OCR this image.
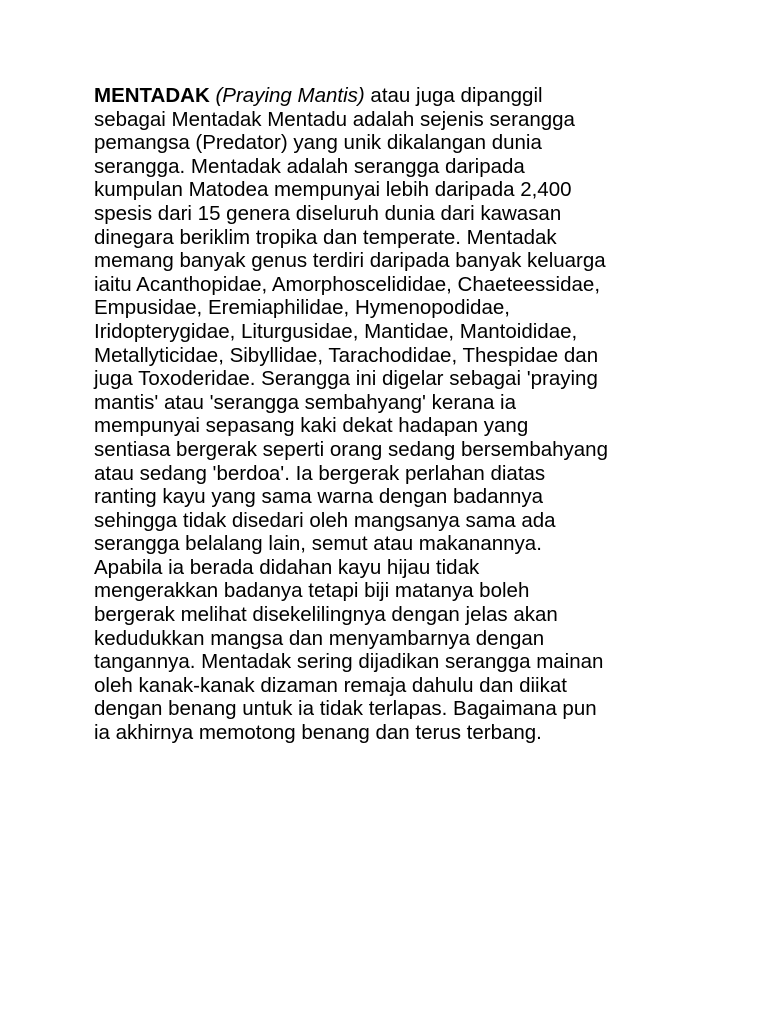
MENTADAK (Praying Mantis) atau juga dipanggil
sebagai Mentadak Mentadu adalah sejenis serangga
pemangsa (Predator) yang unik dikalangan dunia
serangga. Mentadak adalah serangga daripada
kumpulan Matodea mempunyai lebih daripada 2,400
spesis dari 15 genera diseluruh dunia dari kawasan
dinegara beriklim tropika dan temperate. Mentadak
memang banyak genus terdiri daripada banyak keluarga
iaitu Acanthopidae, Amorphoscelididae, Chaeteessidae,
Empusidae, Eremiaphilidae, Hymenopodidae,
Iridopterygidae, Liturgusidae, Mantidae, Mantoididae,
Metallyticidae, Sibyllidae, Tarachodidae, Thespidae dan
juga Toxoderidae. Serangga ini digelar sebagai 'praying
mantis' atau 'serangga sembahyang' kerana ia
mempunyai sepasang kaki dekat hadapan yang
sentiasa bergerak seperti orang sedang bersembahyang
atau sedang 'berdoa'. Ia bergerak perlahan diatas
ranting kayu yang sama warna dengan badannya
sehingga tidak disedari oleh mangsanya sama ada
serangga belalang lain, semut atau makanannya.
Apabila ia berada didahan kayu hijau tidak
mengerakkan badanya tetapi biji matanya boleh
bergerak melihat disekelilingnya dengan jelas akan
kedudukkan mangsa dan menyambarnya dengan
tangannya. Mentadak sering dijadikan serangga mainan
oleh kanak-kanak dizaman remaja dahulu dan diikat
dengan benang untuk ia tidak terlapas. Bagaimana pun
ia akhirnya memotong benang dan terus terbang.
